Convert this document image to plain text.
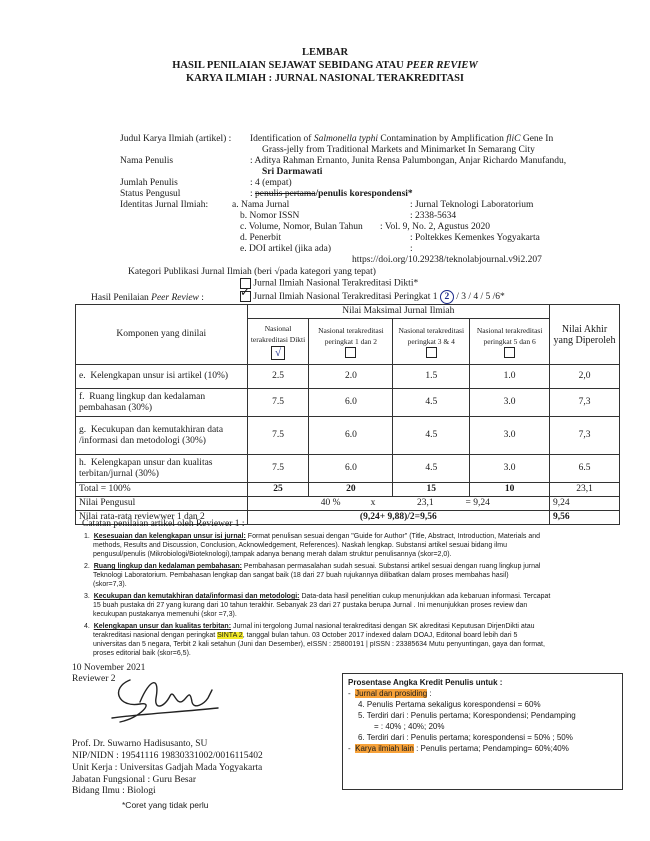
LEMBAR
HASIL PENILAIAN SEJAWAT SEBIDANG ATAU PEER REVIEW
KARYA ILMIAH : JURNAL NASIONAL TERAKREDITASI
Judul Karya Ilmiah (artikel) : Identification of Salmonella typhi Contamination by Amplification fliC Gene In
Grass-jelly from Traditional Markets and Minimarket In Semarang City
Nama Penulis	: Aditya Rahman Ernanto, Junita Rensa Palumbongan, Anjar Richardo Manufandu,
Sri Darmawati
Jumlah Penulis	: 4 (empat)
Status Pengusul	: penulis pertama/penulis korespondensi*
Identitas Jurnal Ilmiah:	a. Nama Jurnal	: Jurnal Teknologi Laboratorium
b. Nomor ISSN	: 2338-5634
c. Volume, Nomor, Bulan Tahun : Vol. 9, No. 2, Agustus 2020
d. Penerbit	: Poltekkes Kemenkes Yogyakarta
e. DOI artikel (jika ada)	:
https://doi.org/10.29238/teknolabjournal.v9i2.207
Kategori Publikasi Jurnal Ilmiah (beri √pada kategori yang tepat)
Jurnal Ilmiah Nasional Terakreditasi Dikti*
✓ Jurnal Ilmiah Nasional Terakreditasi Peringkat 1 2 / 3 / 4 / 5 /6*
Hasil Penilaian Peer Review :
Komponen yang dinilai	Nilai Maksimal Jurnal Ilmiah				Nilai Akhir yang Diperoleh

	Nasional terakreditasi Dikti
√	Nasional terakreditasi peringkat 1 dan 2	Nasional terakreditasi peringkat 3 & 4	Nasional terakreditasi peringkat 5 dan 6	

e. Kelengkapan unsur isi artikel (10%)	2.5	2.0	1.5	1.0	2,0
f. Ruang lingkup dan kedalaman pembahasan (30%)	7.5	6.0	4.5	3.0	7,3
g. Kecukupan dan kemutakhiran data /informasi dan metodologi (30%)	7.5	6.0	4.5	3.0	7,3
h. Kelengkapan unsur dan kualitas terbitan/jurnal (30%)	7.5	6.0	4.5	3.0	6.5
Total = 100%	25	20	15	10	23,1
Nilai Pengusul	40 % x 23,1 = 9,24				9,24
Nilai rata-rata reviewwer 1 dan 2	(9,24+ 9,88)/2=9,56				9,56
Catatan penilaian artikel oleh Reviewer 1 :
1. Kesesuaian dan kelengkapan unsur isi jurnal: Format penulisan sesuai dengan "Guide for Author" (Title, Abstract, Introduction, Materials and
methods, Results and Discussion, Conclusion, Acknowledgement, References). Naskah lengkap. Substansi artikel sesuai bidang ilmu
pengusul/penulis (Mikrobiologi/Bioteknologi),tampak adanya benang merah dalam struktur penulisannya (skor=2,0).
2. Ruang lingkup dan kedalaman pembahasan: Pembahasan permasalahan sudah sesuai. Substansi artikel sesuai dengan ruang lingkup jurnal
Teknologi Laboratorium. Pembahasan lengkap dan sangat baik (18 dari 27 buah rujukannya dilibatkan dalam proses membahas hasil)
(skor=7,3).
3. Kecukupan dan kemutakhiran data/informasi dan metodologi: Data-data hasil penelitian cukup menunjukkan ada kebaruan informasi. Tercapat
15 buah pustaka dri 27 yang kurang dari 10 tahun terakhir. Sebanyak 23 dari 27 pustaka berupa Jurnal . Ini menunjukkan proses review dan
kecukupan pustakanya memenuhi (skor =7,3).
4. Kelengkapan unsur dan kualitas terbitan: Jurnal ini tergolong Jurnal nasional terakreditasi dengan SK akreditasi Keputusan DirjenDikti atau
terakreditasi nasional dengan peringkat SINTA 2, tanggal bulan tahun. 03 October 2017 indexed dalam DOAJ, Editonal board lebih dari 5
universitas dan 5 negara, Terbit 2 kali setahun (Juni dan Desember), eISSN : 25800191 | pISSN : 23385634 Mutu penyuntingan, gaya dan format,
proses editorial baik (skor=6,5).
10 November 2021
Reviewer 2
Prof. Dr. Suwarno Hadisusanto, SU
NIP/NIDN : 19541116 19830331002/0016115402
Unit Kerja : Universitas Gadjah Mada Yogyakarta
Jabatan Fungsional : Guru Besar
Bidang Ilmu : Biologi
*Coret yang tidak perlu
Prosentase Angka Kredit Penulis untuk :
- Jurnal dan prosiding :
4. Penulis Pertama sekaligus korespondensi = 60%
5. Terdiri dari : Penulis pertama; Korespondensi; Pendamping
= : 40% ; 40%; 20%
6. Terdiri dari : Penulis pertama; korespondensi = 50% ; 50%
- Karya ilmiah lain : Penulis pertama; Pendamping= 60%;40%
